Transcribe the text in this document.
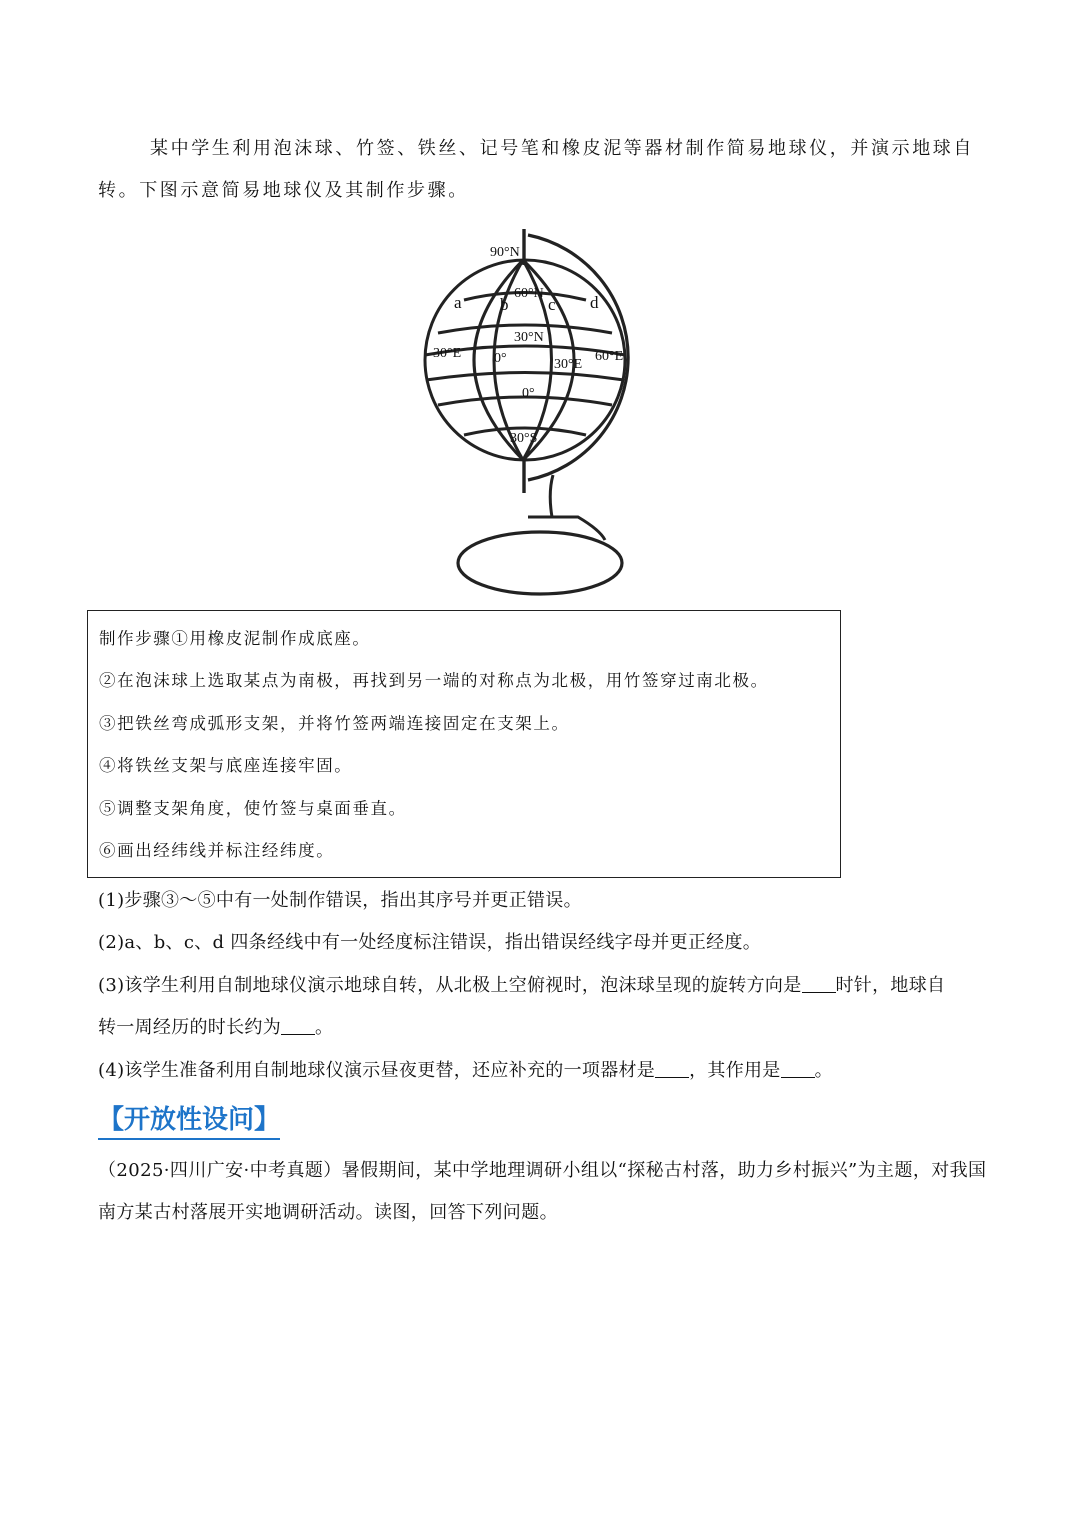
某中学生利用泡沫球、竹签、铁丝、记号笔和橡皮泥等器材制作简易地球仪，并演示地球自转。下图示意简易地球仪及其制作步骤。

90°N
60°N
30°N
0°
30°S
a b c d
30°E 0°	30°E
60°E
制作步骤①用橡皮泥制作成底座。
②在泡沫球上选取某点为南极，再找到另一端的对称点为北极，用竹签穿过南北极。
③把铁丝弯成弧形支架，并将竹签两端连接固定在支架上。
④将铁丝支架与底座连接牢固。
⑤调整支架角度，使竹签与桌面垂直。
⑥画出经纬线并标注经纬度。

(1)步骤③～⑤中有一处制作错误，指出其序号并更正错误。

(2)a、b、c、d 四条经线中有一处经度标注错误，指出错误经线字母并更正经度。

(3)该学生利用自制地球仪演示地球自转，从北极上空俯视时，泡沫球呈现的旋转方向是 时针，地球自

转一周经历的时长约为 。

(4)该学生准备利用自制地球仪演示昼夜更替，还应补充的一项器材是 ，其作用是 。

【开放性设问】

（2025·四川广安·中考真题）暑假期间，某中学地理调研小组以“探秘古村落，助力乡村振兴”为主题，对我国南方某古村落展开实地调研活动。读图，回答下列问题。
